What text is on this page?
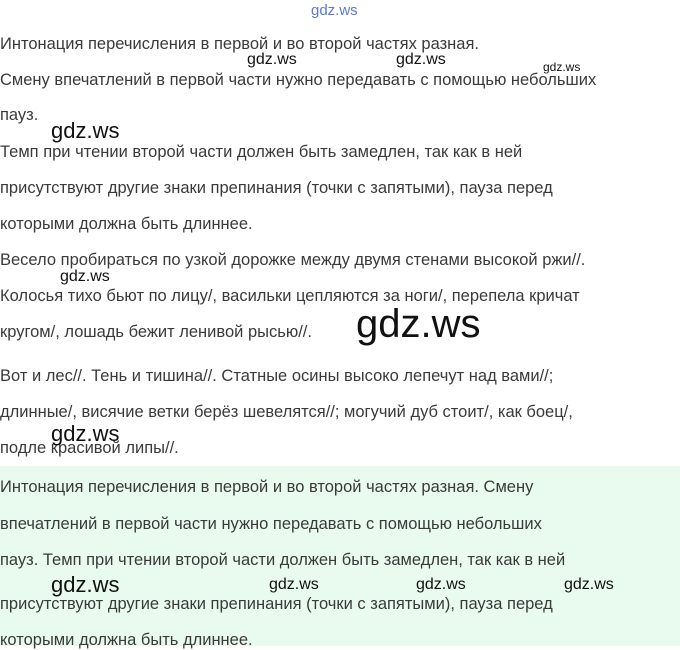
Интонация перечисления в первой и во второй частях разная.
Смену впечатлений в первой части нужно передавать с помощью небольших
пауз.
Темп при чтении второй части должен быть замедлен, так как в ней
присутствуют другие знаки препинания (точки с запятыми), пауза перед
которыми должна быть длиннее.
Весело пробираться по узкой дорожке между двумя стенами высокой ржи//.
Колосья тихо бьют по лицу/, васильки цепляются за ноги/, перепела кричат
кругом/, лошадь бежит ленивой рысью//.
Вот и лес//. Тень и тишина//. Статные осины высоко лепечут над вами//;
длинные/, висячие ветки берёз шевелятся//; могучий дуб стоит/, как боец/,
подле красивой липы//.
Интонация перечисления в первой и во второй частях разная. Смену
впечатлений в первой части нужно передавать с помощью небольших
пауз. Темп при чтении второй части должен быть замедлен, так как в ней
присутствуют другие знаки препинания (точки с запятыми), пауза перед
которыми должна быть длиннее.
gdz.ws
gdz.ws	gdz.ws	gdz.ws
gdz.ws
gdz.ws
gdz.ws
gdz.ws
gdz.ws	gdz.ws	gdz.ws	gdz.ws
